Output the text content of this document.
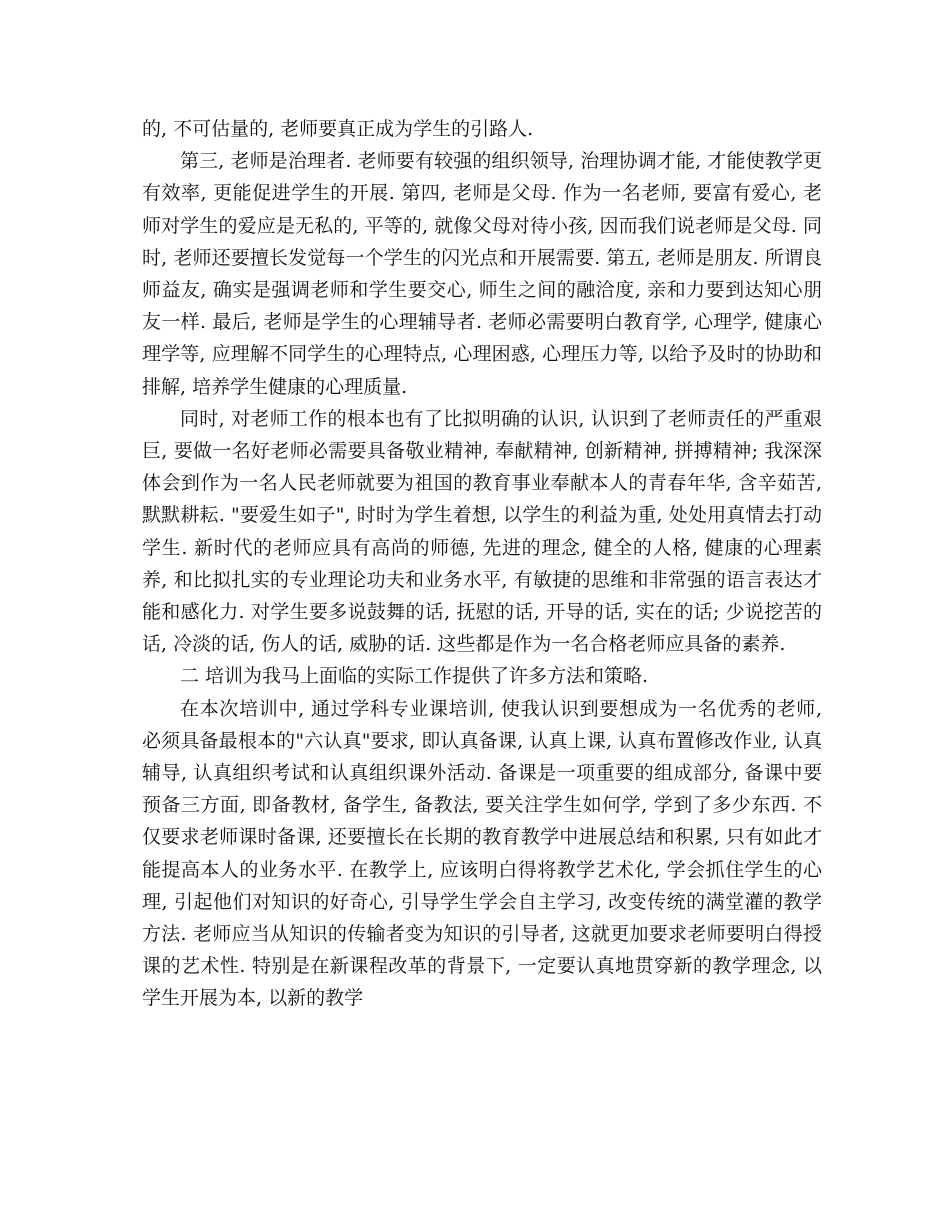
的, 不可估量的, 老师要真正成为学生的引路人.

第三, 老师是治理者. 老师要有较强的组织领导, 治理协调才能, 才能使教学更有效率, 更能促进学生的开展. 第四, 老师是父母. 作为一名老师, 要富有爱心, 老师对学生的爱应是无私的, 平等的, 就像父母对待小孩, 因而我们说老师是父母. 同时, 老师还要擅长发觉每一个学生的闪光点和开展需要. 第五, 老师是朋友. 所谓良师益友, 确实是强调老师和学生要交心, 师生之间的融洽度, 亲和力要到达知心朋友一样. 最后, 老师是学生的心理辅导者. 老师必需要明白教育学, 心理学, 健康心理学等, 应理解不同学生的心理特点, 心理困惑, 心理压力等, 以给予及时的协助和排解, 培养学生健康的心理质量.

同时, 对老师工作的根本也有了比拟明确的认识, 认识到了老师责任的严重艰巨, 要做一名好老师必需要具备敬业精神, 奉献精神, 创新精神, 拼搏精神; 我深深体会到作为一名人民老师就要为祖国的教育事业奉献本人的青春年华, 含辛茹苦, 默默耕耘. "要爱生如子", 时时为学生着想, 以学生的利益为重, 处处用真情去打动学生. 新时代的老师应具有高尚的师德, 先进的理念, 健全的人格, 健康的心理素养, 和比拟扎实的专业理论功夫和业务水平, 有敏捷的思维和非常强的语言表达才能和感化力. 对学生要多说鼓舞的话, 抚慰的话, 开导的话, 实在的话; 少说挖苦的话, 冷淡的话, 伤人的话, 威胁的话. 这些都是作为一名合格老师应具备的素养.

二 培训为我马上面临的实际工作提供了许多方法和策略.

在本次培训中, 通过学科专业课培训, 使我认识到要想成为一名优秀的老师, 必须具备最根本的"六认真"要求, 即认真备课, 认真上课, 认真布置修改作业, 认真辅导, 认真组织考试和认真组织课外活动. 备课是一项重要的组成部分, 备课中要预备三方面, 即备教材, 备学生, 备教法, 要关注学生如何学, 学到了多少东西. 不仅要求老师课时备课, 还要擅长在长期的教育教学中进展总结和积累, 只有如此才能提高本人的业务水平. 在教学上, 应该明白得将教学艺术化, 学会抓住学生的心理, 引起他们对知识的好奇心, 引导学生学会自主学习, 改变传统的满堂灌的教学方法. 老师应当从知识的传输者变为知识的引导者, 这就更加要求老师要明白得授课的艺术性. 特别是在新课程改革的背景下, 一定要认真地贯穿新的教学理念, 以学生开展为本, 以新的教学
